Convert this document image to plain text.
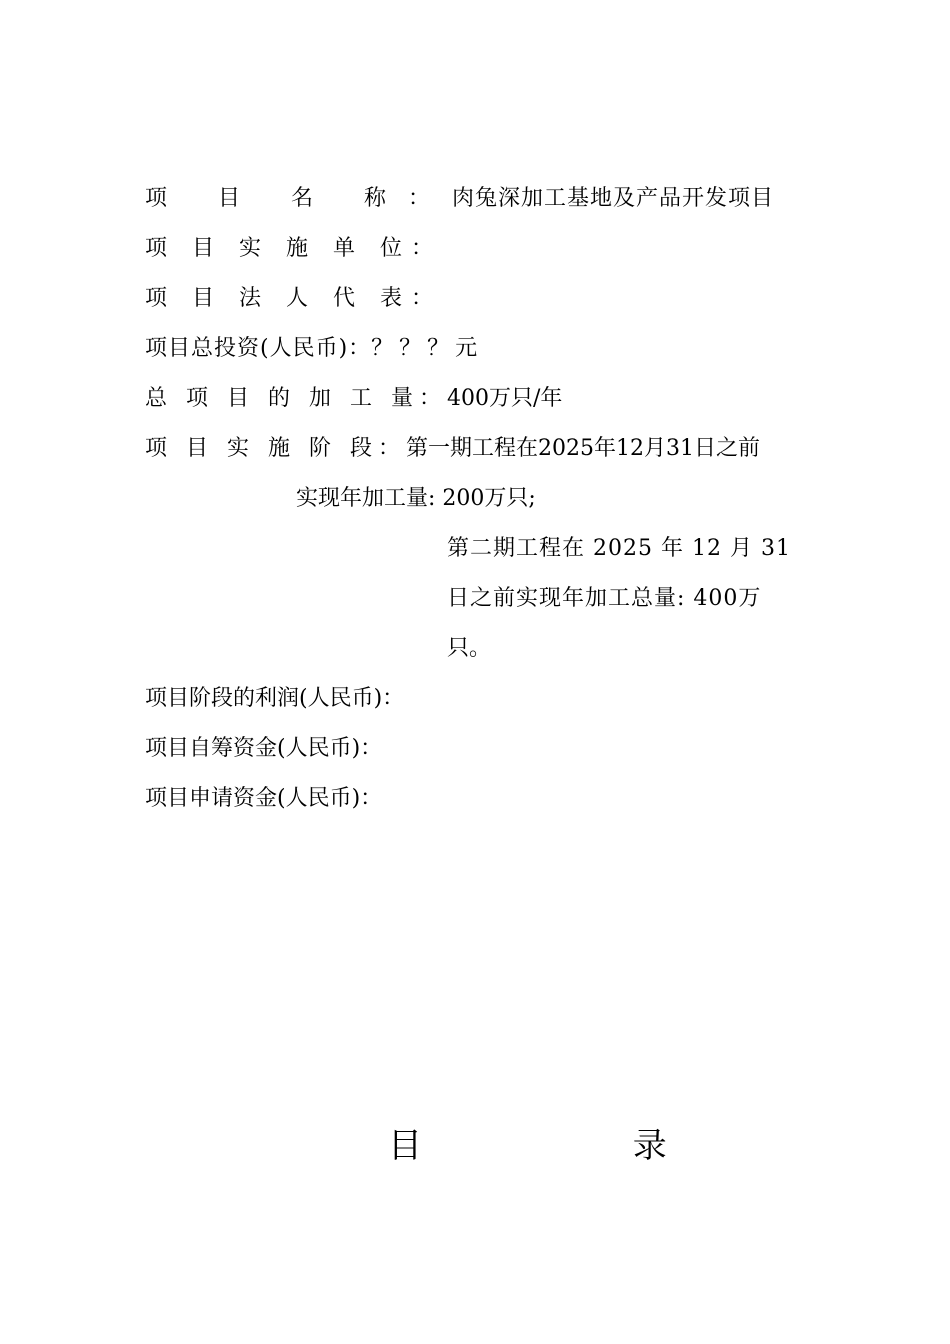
项 目 名 称：肉兔深加工基地及产品开发项目
项 目 实 施 单 位：
项 目 法 人 代 表：
项目总投资(人民币)：？？？元
总 项 目 的 加 工 量：400万只/年
项 目 实 施 阶 段：第一期工程在2025年12月31日之前
实现年加工量: 200万只;
第二期工程在 2025 年 12 月 31
日之前实现年加工总量: 400万
只。
项目阶段的利润(人民币)：
项目自筹资金(人民币)：
项目申请资金(人民币)：
目 录
